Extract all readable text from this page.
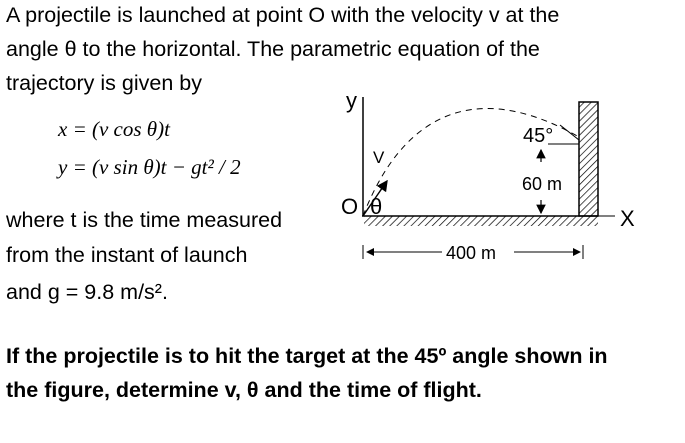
A projectile is launched at point O with the velocity v at the
angle θ to the horizontal. The parametric equation of the
trajectory is given by
x = (v cos θ)t
y = (v sin θ)t − gt² / 2
where t is the time measured
from the instant of launch
and g = 9.8 m/s².
If the projectile is to hit the target at the 45º angle shown in
the figure, determine v, θ and the time of flight.
y
X
O θ
V
45°
60 m
400 m
